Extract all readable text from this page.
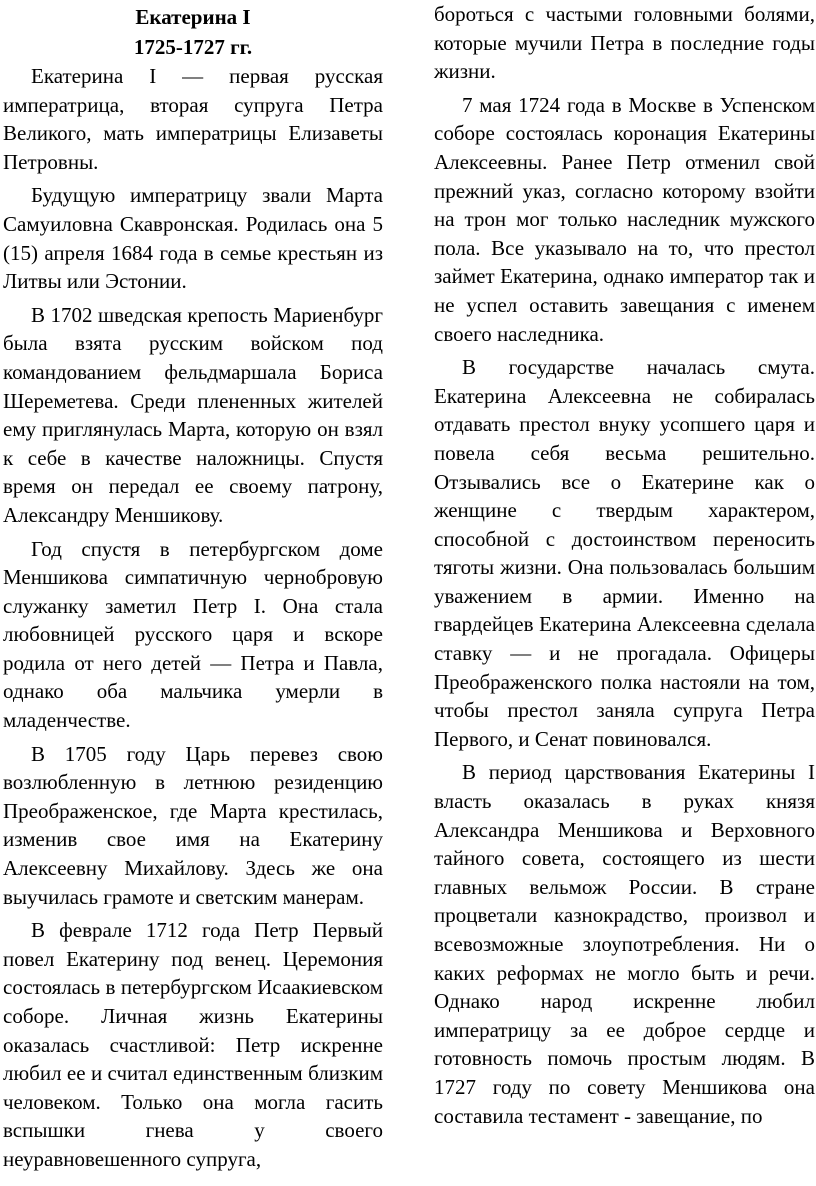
Екатерина I
1725-1727 гг.

Екатерина I — первая русская императрица, вторая супруга Петра Великого, мать императрицы Елизаветы Петровны.

Будущую императрицу звали Марта Самуиловна Скавронская. Родилась она 5 (15) апреля 1684 года в семье крестьян из Литвы или Эстонии.

В 1702 шведская крепость Мариенбург была взята русским войском под командованием фельдмаршала Бориса Шереметева. Среди плененных жителей ему приглянулась Марта, которую он взял к себе в качестве наложницы. Спустя время он передал ее своему патрону, Александру Меншикову.

Год спустя в петербургском доме Меншикова симпатичную чернобровую служанку заметил Петр I. Она стала любовницей русского царя и вскоре родила от него детей — Петра и Павла, однако оба мальчика умерли в младенчестве.

В 1705 году Царь перевез свою возлюбленную в летнюю резиденцию Преображенское, где Марта крестилась, изменив свое имя на Екатерину Алексеевну Михайлову. Здесь же она выучилась грамоте и светским манерам.

В феврале 1712 года Петр Первый повел Екатерину под венец. Церемония состоялась в петербургском Исаакиевском соборе. Личная жизнь Екатерины оказалась счастливой: Петр искренне любил ее и считал единственным близким человеком. Только она могла гасить вспышки гнева у своего неуравновешенного супруга,

бороться с частыми головными болями, которые мучили Петра в последние годы жизни.

7 мая 1724 года в Москве в Успенском соборе состоялась коронация Екатерины Алексеевны. Ранее Петр отменил свой прежний указ, согласно которому взойти на трон мог только наследник мужского пола. Все указывало на то, что престол займет Екатерина, однако император так и не успел оставить завещания с именем своего наследника.

В государстве началась смута. Екатерина Алексеевна не собиралась отдавать престол внуку усопшего царя и повела себя весьма решительно. Отзывались все о Екатерине как о женщине с твердым характером, способной с достоинством переносить тяготы жизни. Она пользовалась большим уважением в армии. Именно на гвардейцев Екатерина Алексеевна сделала ставку — и не прогадала. Офицеры Преображенского полка настояли на том, чтобы престол заняла супруга Петра Первого, и Сенат повиновался.

В период царствования Екатерины I власть оказалась в руках князя Александра Меншикова и Верховного тайного совета, состоящего из шести главных вельмож России. В стране процветали казнокрадство, произвол и всевозможные злоупотребления. Ни о каких реформах не могло быть и речи. Однако народ искренне любил императрицу за ее доброе сердце и готовность помочь простым людям. В 1727 году по совету Меншикова она составила тестамент - завещание, по
